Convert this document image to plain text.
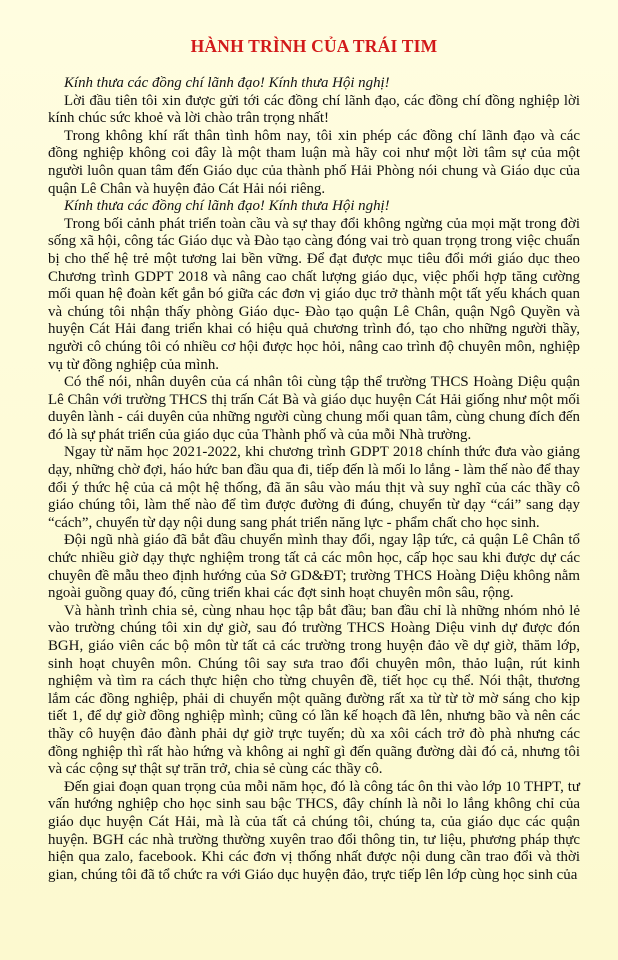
HÀNH TRÌNH CỦA TRÁI TIM

Kính thưa các đồng chí lãnh đạo! Kính thưa Hội nghị!

Lời đầu tiên tôi xin được gửi tới các đồng chí lãnh đạo, các đồng chí đồng nghiệp lời kính chúc sức khoẻ và lời chào trân trọng nhất!

Trong không khí rất thân tình hôm nay, tôi xin phép các đồng chí lãnh đạo và các đồng nghiệp không coi đây là một tham luận mà hãy coi như một lời tâm sự của một người luôn quan tâm đến Giáo dục của thành phố Hải Phòng nói chung và Giáo dục của quận Lê Chân và huyện đảo Cát Hải nói riêng.

Kính thưa các đồng chí lãnh đạo! Kính thưa Hội nghị!

Trong bối cảnh phát triển toàn cầu và sự thay đổi không ngừng của mọi mặt trong đời sống xã hội, công tác Giáo dục và Đào tạo càng đóng vai trò quan trọng trong việc chuẩn bị cho thế hệ trẻ một tương lai bền vững. Để đạt được mục tiêu đổi mới giáo dục theo Chương trình GDPT 2018 và nâng cao chất lượng giáo dục, việc phối hợp tăng cường mối quan hệ đoàn kết gắn bó giữa các đơn vị giáo dục trở thành một tất yếu khách quan và chúng tôi nhận thấy phòng Giáo dục- Đào tạo quận Lê Chân, quận Ngô Quyền và huyện Cát Hải đang triển khai có hiệu quả chương trình đó, tạo cho những người thầy, người cô chúng tôi có nhiều cơ hội được học hỏi, nâng cao trình độ chuyên môn, nghiệp vụ từ đồng nghiệp của mình.

Có thể nói, nhân duyên của cá nhân tôi cùng tập thể trường THCS Hoàng Diệu quận Lê Chân với trường THCS thị trấn Cát Bà và giáo dục huyện Cát Hải giống như một mối duyên lành - cái duyên của những người cùng chung mối quan tâm, cùng chung đích đến đó là sự phát triển của giáo dục của Thành phố và của mỗi Nhà trường.

Ngay từ năm học 2021-2022, khi chương trình GDPT 2018 chính thức đưa vào giảng dạy, những chờ đợi, háo hức ban đầu qua đi, tiếp đến là mối lo lắng - làm thế nào để thay đổi ý thức hệ của cả một hệ thống, đã ăn sâu vào máu thịt và suy nghĩ của các thầy cô giáo chúng tôi, làm thế nào để tìm được đường đi đúng, chuyển từ dạy “cái” sang dạy “cách”, chuyển từ dạy nội dung sang phát triển năng lực - phẩm chất cho học sinh.

Đội ngũ nhà giáo đã bắt đầu chuyển mình thay đổi, ngay lập tức, cả quận Lê Chân tổ chức nhiều giờ dạy thực nghiệm trong tất cả các môn học, cấp học sau khi được dự các chuyên đề mẫu theo định hướng của Sở GD&ĐT; trường THCS Hoàng Diệu không nằm ngoài guồng quay đó, cũng triển khai các đợt sinh hoạt chuyên môn sâu, rộng.

Và hành trình chia sẻ, cùng nhau học tập bắt đầu; ban đầu chỉ là những nhóm nhỏ lẻ vào trường chúng tôi xin dự giờ, sau đó trường THCS Hoàng Diệu vinh dự được đón BGH, giáo viên các bộ môn từ tất cả các trường trong huyện đảo về dự giờ, thăm lớp, sinh hoạt chuyên môn. Chúng tôi say sưa trao đổi chuyên môn, thảo luận, rút kinh nghiệm và tìm ra cách thực hiện cho từng chuyên đề, tiết học cụ thể. Nói thật, thương lắm các đồng nghiệp, phải di chuyển một quãng đường rất xa từ từ tờ mờ sáng cho kịp tiết 1, để dự giờ đồng nghiệp mình; cũng có lần kế hoạch đã lên, nhưng bão và nên các thầy cô huyện đảo đành phải dự giờ trực tuyến; dù xa xôi cách trở đò phà nhưng các đồng nghiệp thì rất hào hứng và không ai nghĩ gì đến quãng đường dài đó cả, nhưng tôi và các cộng sự thật sự trăn trở, chia sẻ cùng các thầy cô.

Đến giai đoạn quan trọng của mỗi năm học, đó là công tác ôn thi vào lớp 10 THPT, tư vấn hướng nghiệp cho học sinh sau bậc THCS, đây chính là nỗi lo lắng không chỉ của giáo dục huyện Cát Hải, mà là của tất cả chúng tôi, chúng ta, của giáo dục các quận huyện. BGH các nhà trường thường xuyên trao đổi thông tin, tư liệu, phương pháp thực hiện qua zalo, facebook. Khi các đơn vị thống nhất được nội dung cần trao đổi và thời gian, chúng tôi đã tổ chức ra với Giáo dục huyện đảo, trực tiếp lên lớp cùng học sinh của
